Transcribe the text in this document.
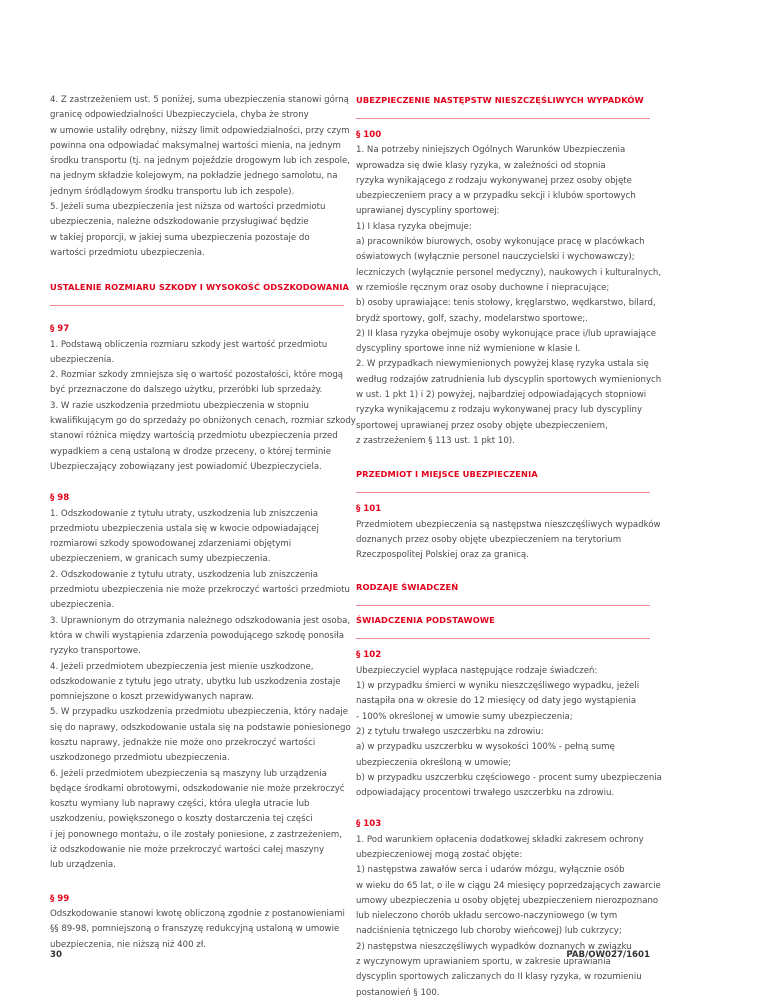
4. Z zastrzeżeniem ust. 5 poniżej, suma ubezpieczenia stanowi górną
granicę odpowiedzialności Ubezpieczyciela, chyba że strony
w umowie ustaliły odrębny, niższy limit odpowiedzialności, przy czym
powinna ona odpowiadać maksymalnej wartości mienia, na jednym
środku transportu (tj. na jednym pojeździe drogowym lub ich zespole,
na jednym składzie kolejowym, na pokładzie jednego samolotu, na
jednym śródlądowym środku transportu lub ich zespole).
5. Jeżeli suma ubezpieczenia jest niższa od wartości przedmiotu
ubezpieczenia, należne odszkodowanie przysługiwać będzie
w takiej proporcji, w jakiej suma ubezpieczenia pozostaje do
wartości przedmiotu ubezpieczenia.
USTALENIE ROZMIARU SZKODY I WYSOKOŚĆ ODSZKODOWANIA
§ 97
1. Podstawą obliczenia rozmiaru szkody jest wartość przedmiotu
ubezpieczenia.
2. Rozmiar szkody zmniejsza się o wartość pozostałości, które mogą
być przeznaczone do dalszego użytku, przeróbki lub sprzedaży.
3. W razie uszkodzenia przedmiotu ubezpieczenia w stopniu
kwalifikującym go do sprzedaży po obniżonych cenach, rozmiar szkody
stanowi różnica między wartością przedmiotu ubezpieczenia przed
wypadkiem a ceną ustaloną w drodze przeceny, o której terminie
Ubezpieczający zobowiązany jest powiadomić Ubezpieczyciela.
§ 98
1. Odszkodowanie z tytułu utraty, uszkodzenia lub zniszczenia
przedmiotu ubezpieczenia ustala się w kwocie odpowiadającej
rozmiarowi szkody spowodowanej zdarzeniami objętymi
ubezpieczeniem, w granicach sumy ubezpieczenia.
2. Odszkodowanie z tytułu utraty, uszkodzenia lub zniszczenia
przedmiotu ubezpieczenia nie może przekroczyć wartości przedmiotu
ubezpieczenia.
3. Uprawnionym do otrzymania należnego odszkodowania jest osoba,
która w chwili wystąpienia zdarzenia powodującego szkodę ponosiła
ryzyko transportowe.
4. Jeżeli przedmiotem ubezpieczenia jest mienie uszkodzone,
odszkodowanie z tytułu jego utraty, ubytku lub uszkodzenia zostaje
pomniejszone o koszt przewidywanych napraw.
5. W przypadku uszkodzenia przedmiotu ubezpieczenia, który nadaje
się do naprawy, odszkodowanie ustala się na podstawie poniesionego
kosztu naprawy, jednakże nie może ono przekroczyć wartości
uszkodzonego przedmiotu ubezpieczenia.
6. Jeżeli przedmiotem ubezpieczenia są maszyny lub urządzenia
będące środkami obrotowymi, odszkodowanie nie może przekroczyć
kosztu wymiany lub naprawy części, która uległa utracie lub
uszkodzeniu, powiększonego o koszty dostarczenia tej części
i jej ponownego montażu, o ile zostały poniesione, z zastrzeżeniem,
iż odszkodowanie nie może przekroczyć wartości całej maszyny
lub urządzenia.
§ 99
Odszkodowanie stanowi kwotę obliczoną zgodnie z postanowieniami
§§ 89-98, pomniejszoną o franszyzę redukcyjną ustaloną w umowie
ubezpieczenia, nie niższą niż 400 zł.
UBEZPIECZENIE NASTĘPSTW NIESZCZĘŚLIWYCH WYPADKÓW
§ 100
1. Na potrzeby niniejszych Ogólnych Warunków Ubezpieczenia
wprowadza się dwie klasy ryzyka, w zależności od stopnia
ryzyka wynikającego z rodzaju wykonywanej przez osoby objęte
ubezpieczeniem pracy a w przypadku sekcji i klubów sportowych
uprawianej dyscypliny sportowej:
1) I klasa ryzyka obejmuje:
a) pracowników biurowych, osoby wykonujące pracę w placówkach
oświatowych (wyłącznie personel nauczycielski i wychowawczy);
leczniczych (wyłącznie personel medyczny), naukowych i kulturalnych,
w rzemiośle ręcznym oraz osoby duchowne i niepracujące;
b) osoby uprawiające: tenis stołowy, kręglarstwo, wędkarstwo, bilard,
brydż sportowy, golf, szachy, modelarstwo sportowe;.
2) II klasa ryzyka obejmuje osoby wykonujące prace i/lub uprawiające
dyscypliny sportowe inne niż wymienione w klasie I.
2. W przypadkach niewymienionych powyżej klasę ryzyka ustala się
według rodzajów zatrudnienia lub dyscyplin sportowych wymienionych
w ust. 1 pkt 1) i 2) powyżej, najbardziej odpowiadających stopniowi
ryzyka wynikającemu z rodzaju wykonywanej pracy lub dyscypliny
sportowej uprawianej przez osoby objęte ubezpieczeniem,
z zastrzeżeniem § 113 ust. 1 pkt 10).
PRZEDMIOT I MIEJSCE UBEZPIECZENIA
§ 101
Przedmiotem ubezpieczenia są następstwa nieszczęśliwych wypadków
doznanych przez osoby objęte ubezpieczeniem na terytorium
Rzeczpospolitej Polskiej oraz za granicą.
RODZAJE ŚWIADCZEŃ
ŚWIADCZENIA PODSTAWOWE
§ 102
Ubezpieczyciel wypłaca następujące rodzaje świadczeń:
1) w przypadku śmierci w wyniku nieszczęśliwego wypadku, jeżeli
nastąpiła ona w okresie do 12 miesięcy od daty jego wystąpienia
- 100% określonej w umowie sumy ubezpieczenia;
2) z tytułu trwałego uszczerbku na zdrowiu:
a) w przypadku uszczerbku w wysokości 100% - pełną sumę
ubezpieczenia określoną w umowie;
b) w przypadku uszczerbku częściowego - procent sumy ubezpieczenia
odpowiadający procentowi trwałego uszczerbku na zdrowiu.
§ 103
1. Pod warunkiem opłacenia dodatkowej składki zakresem ochrony
ubezpieczeniowej mogą zostać objęte:
1) następstwa zawałów serca i udarów mózgu, wyłącznie osób
w wieku do 65 lat, o ile w ciągu 24 miesięcy poprzedzających zawarcie
umowy ubezpieczenia u osoby objętej ubezpieczeniem nierozpoznano
lub nieleczono chorób układu sercowo-naczyniowego (w tym
nadciśnienia tętniczego lub choroby wieńcowej) lub cukrzycy;
2) następstwa nieszczęśliwych wypadków doznanych w związku
z wyczynowym uprawianiem sportu, w zakresie uprawiania
dyscyplin sportowych zaliczanych do II klasy ryzyka, w rozumieniu
postanowień § 100.
30	PAB/OW027/1601
